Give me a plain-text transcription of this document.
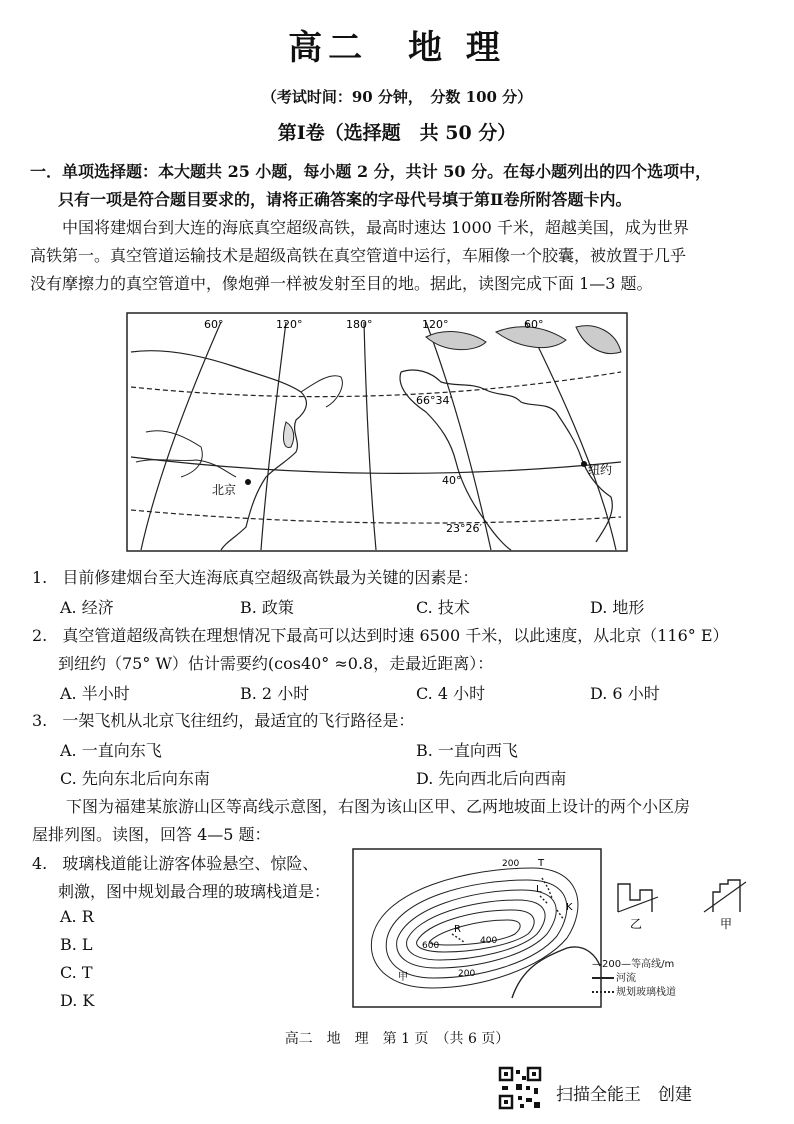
高二　地 理
（考试时间：90 分钟，　分数 100 分）
第Ⅰ卷（选择题　共 50 分）
一．单项选择题：本大题共 25 小题，每小题 2 分，共计 50 分。在每小题列出的四个选项中，
只有一项是符合题目要求的，请将正确答案的字母代号填于第Ⅱ卷所附答题卡内。
中国将建烟台到大连的海底真空超级高铁，最高时速达 1000 千米，超越美国，成为世界
高铁第一。真空管道运输技术是超级高铁在真空管道中运行，车厢像一个胶囊，被放置于几乎
没有摩擦力的真空管道中，像炮弹一样被发射至目的地。据此，读图完成下面 1—3 题。
60°	120°	180°	120°	60°
66°34′
40°
23°26′
北京
纽约
1. 目前修建烟台至大连海底真空超级高铁最为关键的因素是：
A. 经济	B. 政策	C. 技术	D. 地形
2. 真空管道超级高铁在理想情况下最高可以达到时速 6500 千米，以此速度，从北京（116° E）
到纽约（75° W）估计需要约(cos40° ≈0.8，走最近距离）：
A. 半小时	B. 2 小时	C. 4 小时	D. 6 小时
3. 一架飞机从北京飞往纽约，最适宜的飞行路径是：
A. 一直向东飞	B. 一直向西飞
C. 先向东北后向东南	D. 先向西北后向西南
下图为福建某旅游山区等高线示意图，右图为该山区甲、乙两地坡面上设计的两个小区房
屋排列图。读图，回答 4—5 题：
4. 玻璃栈道能让游客体验悬空、惊险、
刺激，图中规划最合理的玻璃栈道是：
A. R
B. L
C. T
D. K
200
200
400
600
R
L
T
K
甲
—200—等高线/m
河流
规划玻璃栈道
乙	甲
高二　地　理　第 1 页　（共 6 页）
扫描全能王　创建
